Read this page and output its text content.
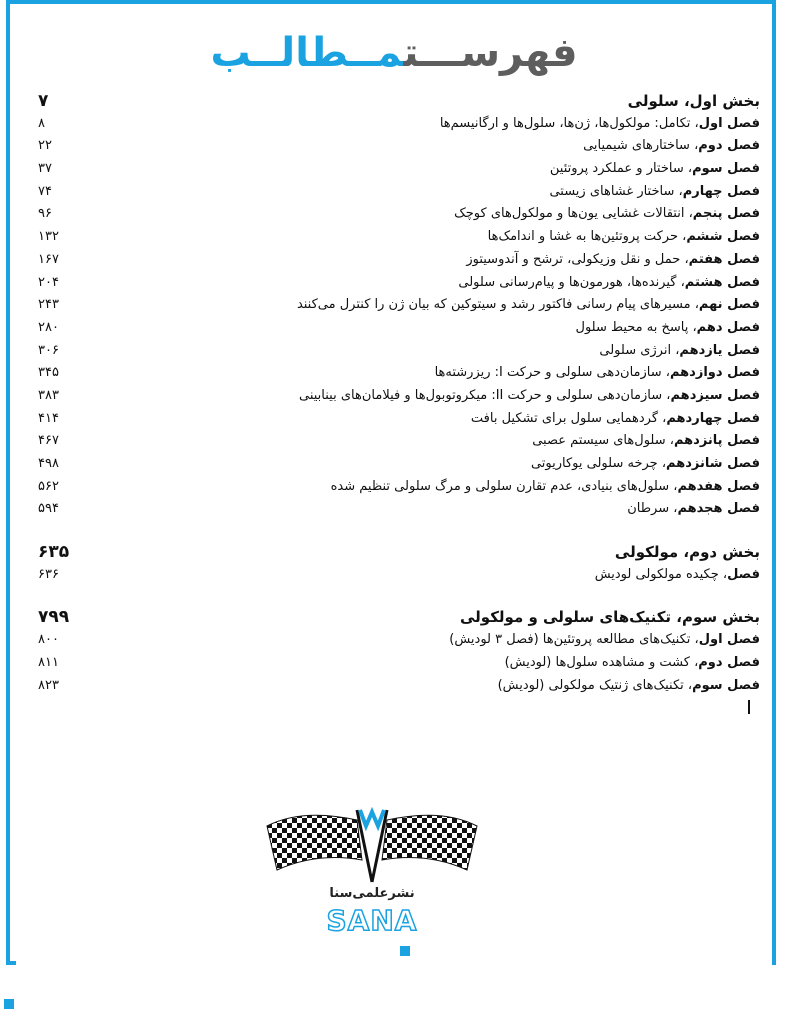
فهرســـتمــطالــب
بخش اول، سلولی
۷
فصل اول، تکامل: مولکول‌ها، ژن‌ها، سلول‌ها و ارگانیسم‌ها
۸
فصل دوم، ساختارهای شیمیایی
۲۲
فصل سوم، ساختار و عملکرد پروتئین
۳۷
فصل چهارم، ساختار غشاهای زیستی
۷۴
فصل پنجم، انتقالات غشایی یون‌ها و مولکول‌های کوچک
۹۶
فصل ششم، حرکت پروتئین‌ها به غشا و اندامک‌ها
۱۳۲
فصل هفتم، حمل و نقل وزیکولی، ترشح و آندوسیتوز
۱۶۷
فصل هشتم، گیرنده‌ها، هورمون‌ها و پیام‌رسانی سلولی
۲۰۴
فصل نهم، مسیرهای پیام رسانی فاکتور رشد و سیتوکین که بیان ژن را کنترل می‌کنند
۲۴۳
فصل دهم، پاسخ به محیط سلول
۲۸۰
فصل یازدهم، انرژی سلولی
۳۰۶
فصل دوازدهم، سازمان‌دهی سلولی و حرکت I: ریزرشته‌ها
۳۴۵
فصل سیزدهم، سازمان‌دهی سلولی و حرکت II: میکروتوبول‌ها و فیلامان‌های بینابینی
۳۸۳
فصل چهاردهم، گردهمایی سلول برای تشکیل بافت
۴۱۴
فصل پانزدهم، سلول‌های سیستم عصبی
۴۶۷
فصل شانزدهم، چرخه سلولی یوکاریوتی
۴۹۸
فصل هفدهم، سلول‌های بنیادی، عدم تقارن سلولی و مرگ سلولی تنظیم شده
۵۶۲
فصل هجدهم، سرطان
۵۹۴
بخش دوم، مولکولی
۶۳۵
فصل، چکیده مولکولی لودیش
۶۳۶
بخش سوم، تکنیک‌های سلولی و مولکولی
۷۹۹
فصل اول، تکنیک‌های مطالعه پروتئین‌ها (فصل ۳ لودیش)
۸۰۰
فصل دوم، کشت و مشاهده سلول‌ها (لودیش)
۸۱۱
فصل سوم، تکنیک‌های ژنتیک مولکولی (لودیش)
۸۲۳
نشرعلمی‌سنا
SANA
